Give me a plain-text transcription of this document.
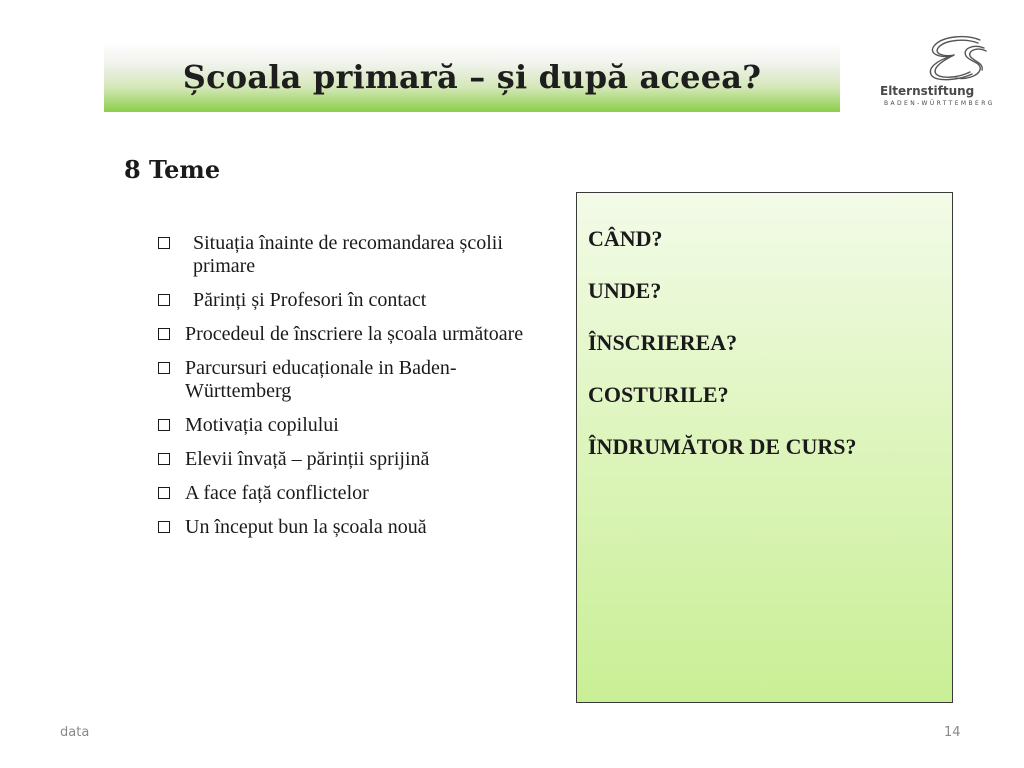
Școala primară – și după aceea?	Elternstiftung
BADEN-WÜRTTEMBERG
8 Teme
Situația înainte de recomandarea școlii primare
Părinți și Profesori în contact
Procedeul de înscriere la școala următoare
Parcursuri educaționale in Baden-Württemberg
Motivația copilului
Elevii învață – părinții sprijină
A face față conflictelor
Un început bun la școala nouă

CÂND?

UNDE?

ÎNSCRIEREA?

COSTURILE?

ÎNDRUMĂTOR DE CURS?

data	14
